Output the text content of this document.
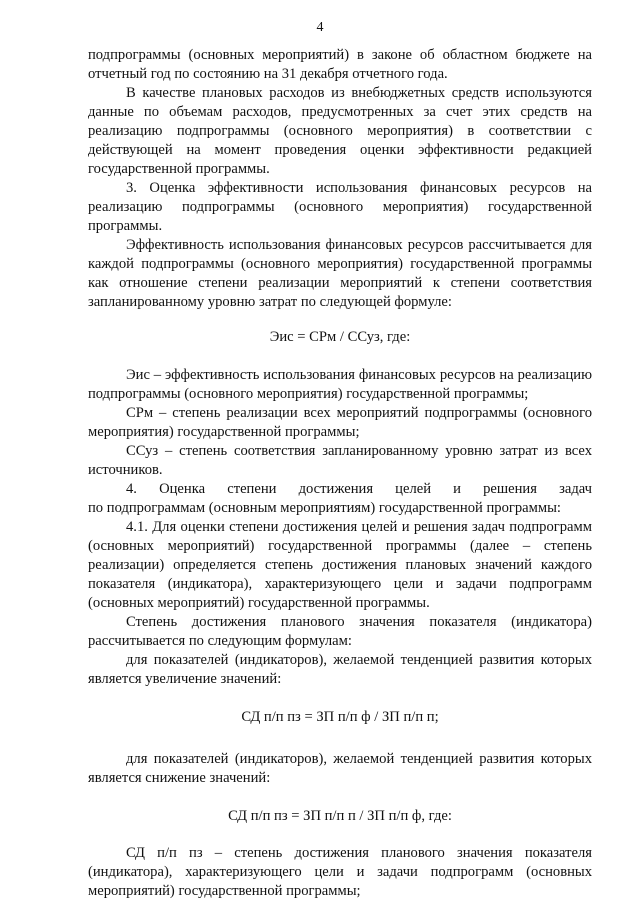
4

подпрограммы (основных мероприятий) в законе об областном бюджете на отчетный год по состоянию на 31 декабря отчетного года.

В качестве плановых расходов из внебюджетных средств используются данные по объемам расходов, предусмотренных за счет этих средств на реализацию подпрограммы (основного мероприятия) в соответствии с действующей на момент проведения оценки эффективности редакцией государственной программы.

3. Оценка эффективности использования финансовых ресурсов на реализацию подпрограммы (основного мероприятия) государственной программы.

Эффективность использования финансовых ресурсов рассчитывается для каждой подпрограммы (основного мероприятия) государственной программы как отношение степени реализации мероприятий к степени соответствия запланированному уровню затрат по следующей формуле:

Эис = СРм / ССуз, где:

Эис – эффективность использования финансовых ресурсов на реализацию подпрограммы (основного мероприятия) государственной программы;

СРм – степень реализации всех мероприятий подпрограммы (основного мероприятия) государственной программы;

ССуз – степень соответствия запланированному уровню затрат из всех источников.

4. Оценка степени достижения целей и решения задач

по подпрограммам (основным мероприятиям) государственной программы:

4.1. Для оценки степени достижения целей и решения задач подпрограмм (основных мероприятий) государственной программы (далее – степень реализации) определяется степень достижения плановых значений каждого показателя (индикатора), характеризующего цели и задачи подпрограмм (основных мероприятий) государственной программы.

Степень достижения планового значения показателя (индикатора) рассчитывается по следующим формулам:

для показателей (индикаторов), желаемой тенденцией развития которых является увеличение значений:

СД п/п пз = ЗП п/п ф / ЗП п/п п;

для показателей (индикаторов), желаемой тенденцией развития которых является снижение значений:

СД п/п пз = ЗП п/п п / ЗП п/п ф, где:

СД п/п пз – степень достижения планового значения показателя (индикатора), характеризующего цели и задачи подпрограмм (основных мероприятий) государственной программы;
